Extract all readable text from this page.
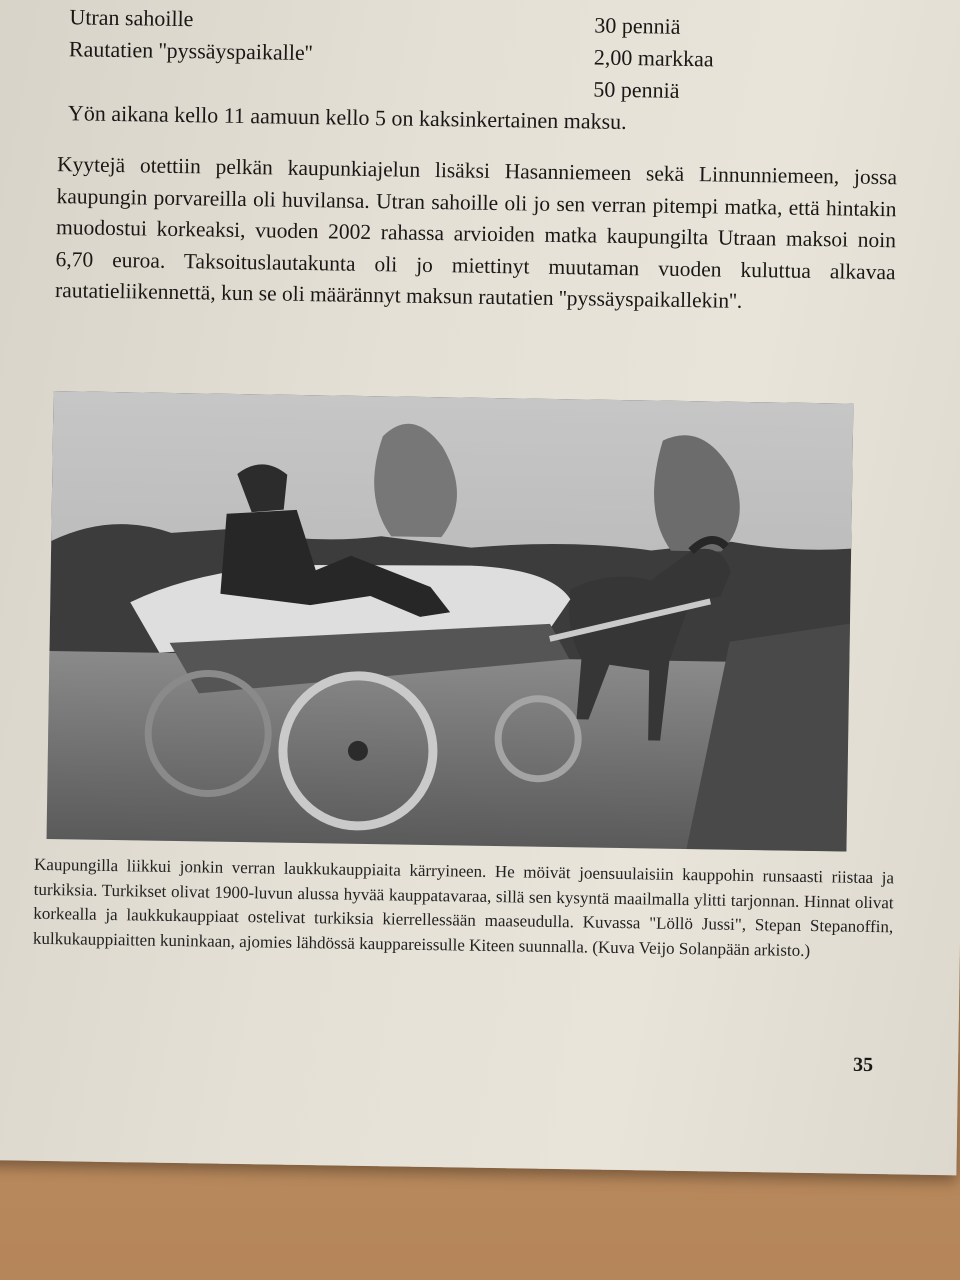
Utran sahoille	30 penniä
Rautatien ''pyssäyspaikalle''	2,00 markkaa
50 penniä
Yön aikana kello 11 aamuun kello 5 on kaksinkertainen maksu.

Kyytejä otettiin pelkän kaupunkiajelun lisäksi Hasanniemeen sekä Linnunniemeen, jossa kaupungin porvareilla oli huvilansa. Utran sahoille oli jo sen verran pitempi matka, että hintakin muodostui korkeaksi, vuoden 2002 rahassa arvioiden matka kaupungilta Utraan maksoi noin 6,70 euroa. Taksoituslautakunta oli jo miettinyt muutaman vuoden kuluttua alkavaa rautatieliikennettä, kun se oli määrännyt maksun rautatien ''pyssäyspaikallekin''.

Kaupungilla liikkui jonkin verran laukkukauppiaita kärryineen. He möivät joensuulaisiin kauppohin runsaasti riistaa ja turkiksia. Turkikset olivat 1900-luvun alussa hyvää kauppatavaraa, sillä sen kysyntä maailmalla ylitti tarjonnan. Hinnat olivat korkealla ja laukkukauppiaat ostelivat turkiksia kierrellessään maaseudulla. Kuvassa "Löllö Jussi", Stepan Stepanoffin, kulkukauppiaitten kuninkaan, ajomies lähdössä kauppareissulle Kiteen suunnalla. (Kuva Veijo Solanpään arkisto.)
35
